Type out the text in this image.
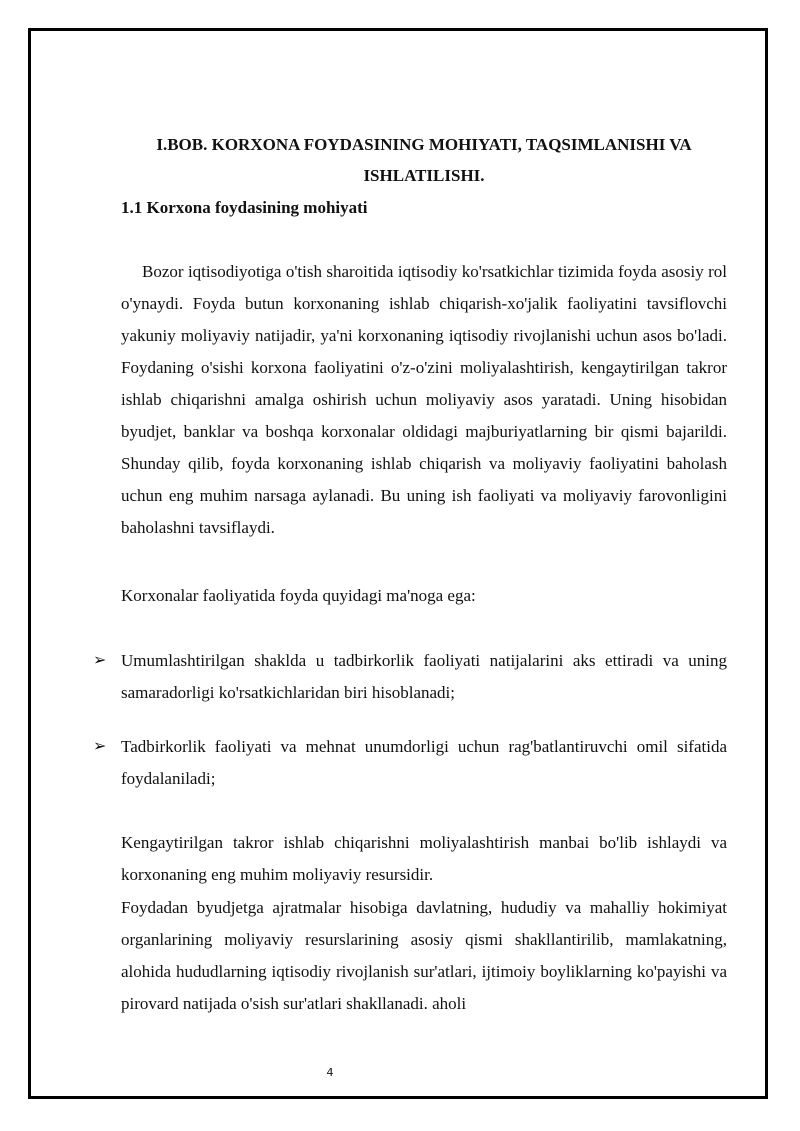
I.BOB. KORXONA FOYDASINING MOHIYATI, TAQSIMLANISHI VA ISHLATILISHI.
1.1 Korxona foydasining mohiyati

Bozor iqtisodiyotiga o'tish sharoitida iqtisodiy ko'rsatkichlar tizimida foyda asosiy rol o'ynaydi. Foyda butun korxonaning ishlab chiqarish-xo'jalik faoliyatini tavsiflovchi yakuniy moliyaviy natijadir, ya'ni korxonaning iqtisodiy rivojlanishi uchun asos bo'ladi. Foydaning o'sishi korxona faoliyatini o'z-o'zini moliyalashtirish, kengaytirilgan takror ishlab chiqarishni amalga oshirish uchun moliyaviy asos yaratadi. Uning hisobidan byudjet, banklar va boshqa korxonalar oldidagi majburiyatlarning bir qismi bajarildi. Shunday qilib, foyda korxonaning ishlab chiqarish va moliyaviy faoliyatini baholash uchun eng muhim narsaga aylanadi. Bu uning ish faoliyati va moliyaviy farovonligini baholashni tavsiflaydi.

Korxonalar faoliyatida foyda quyidagi ma'noga ega:

➢ Umumlashtirilgan shaklda u tadbirkorlik faoliyati natijalarini aks ettiradi va uning samaradorligi ko'rsatkichlaridan biri hisoblanadi;

➢ Tadbirkorlik faoliyati va mehnat unumdorligi uchun rag'batlantiruvchi omil sifatida foydalaniladi;

Kengaytirilgan takror ishlab chiqarishni moliyalashtirish manbai bo'lib ishlaydi va korxonaning eng muhim moliyaviy resursidir.

Foydadan byudjetga ajratmalar hisobiga davlatning, hududiy va mahalliy hokimiyat organlarining moliyaviy resurslarining asosiy qismi shakllantirilib, mamlakatning, alohida hududlarning iqtisodiy rivojlanish sur'atlari, ijtimoiy boyliklarning ko'payishi va pirovard natijada o'sish sur'atlari shakllanadi. aholi

4
